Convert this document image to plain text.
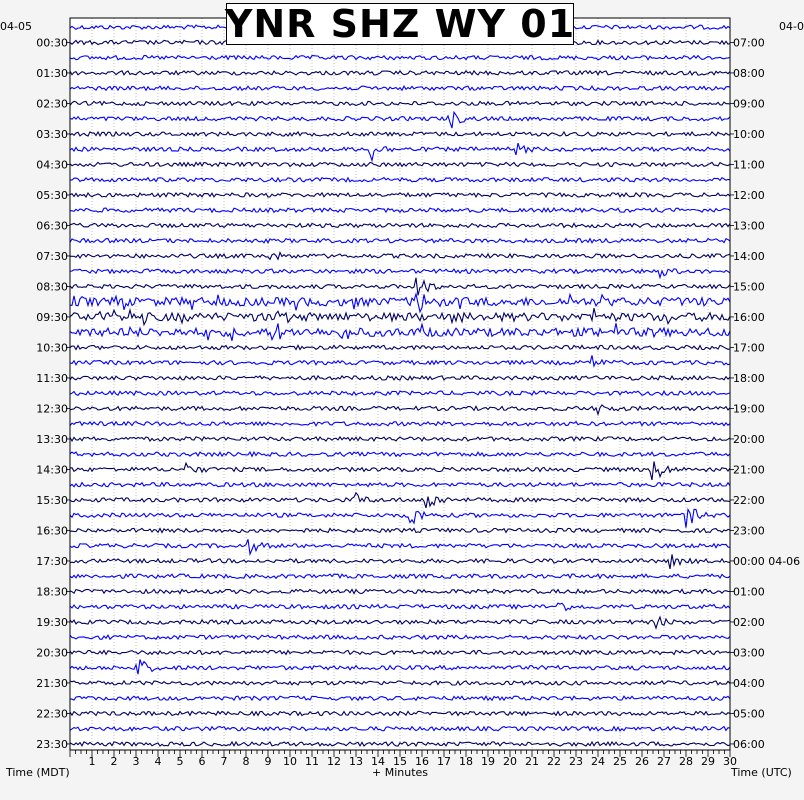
1 2 3 4 5 6 7 8 9 10 11 12 13 14 15 16 17 18 19 20 21 22 23 24 25 26 27 28 29 30
00:30
01:30
02:30
03:30
04:30
05:30
06:30
07:30
08:30
09:30
10:30
11:30
12:30
13:30
14:30
15:30
16:30
17:30
18:30
19:30
20:30
21:30
22:30
23:30
07:00
08:00
09:00
10:00
11:00
12:00
13:00
14:00
15:00
16:00
17:00
18:00
19:00
20:00
21:00
22:00
23:00
00:00 04-06
01:00
02:00
03:00
04:00
05:00
06:00
YNR SHZ WY 01
04-05	04-0
Time (MDT)	+ Minutes	Time (UTC)
